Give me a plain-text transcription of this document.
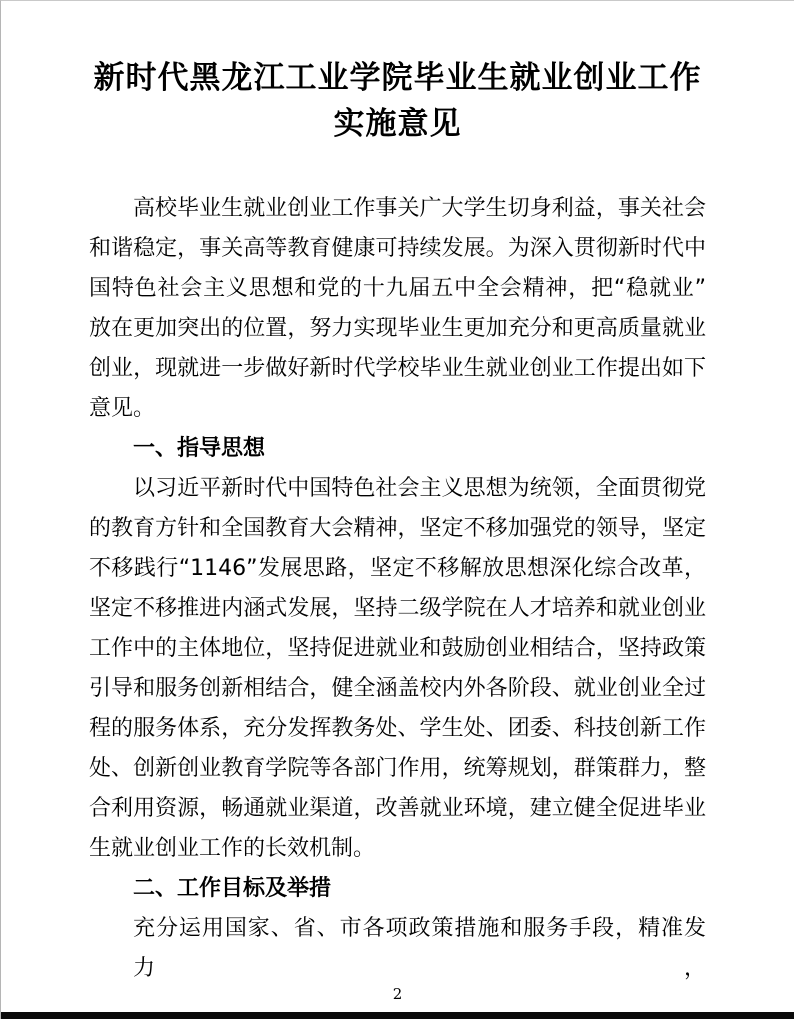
新时代黑龙江工业学院毕业生就业创业工作
实施意见
高校毕业生就业创业工作事关广大学生切身利益，事关社会
和谐稳定，事关高等教育健康可持续发展。为深入贯彻新时代中
国特色社会主义思想和党的十九届五中全会精神，把“稳就业”
放在更加突出的位置，努力实现毕业生更加充分和更高质量就业
创业，现就进一步做好新时代学校毕业生就业创业工作提出如下
意见。
一、指导思想
以习近平新时代中国特色社会主义思想为统领，全面贯彻党
的教育方针和全国教育大会精神，坚定不移加强党的领导，坚定
不移践行“1146”发展思路，坚定不移解放思想深化综合改革，
坚定不移推进内涵式发展，坚持二级学院在人才培养和就业创业
工作中的主体地位，坚持促进就业和鼓励创业相结合，坚持政策
引导和服务创新相结合，健全涵盖校内外各阶段、就业创业全过
程的服务体系，充分发挥教务处、学生处、团委、科技创新工作
处、创新创业教育学院等各部门作用，统筹规划，群策群力，整
合利用资源，畅通就业渠道，改善就业环境，建立健全促进毕业
生就业创业工作的长效机制。
二、工作目标及举措
充分运用国家、省、市各项政策措施和服务手段，精准发力，
2
